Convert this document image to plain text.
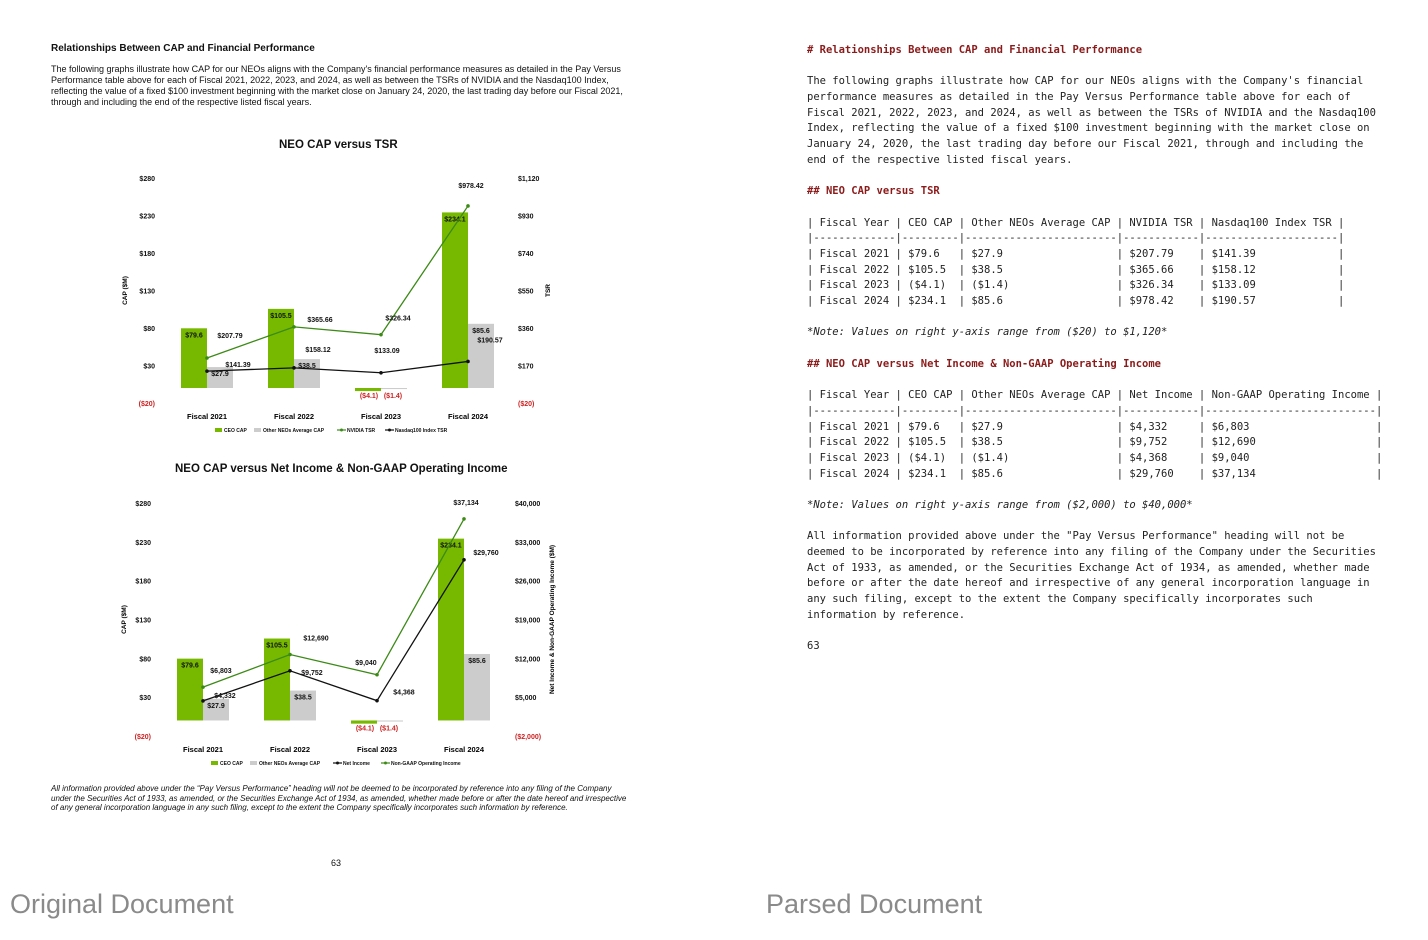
Relationships Between CAP and Financial Performance
The following graphs illustrate how CAP for our NEOs aligns with the Company's financial performance measures as detailed in the Pay Versus Performance table above for each of Fiscal 2021, 2022, 2023, and 2024, as well as between the TSRs of NVIDIA and the Nasdaq100 Index, reflecting the value of a fixed $100 investment beginning with the market close on January 24, 2020, the last trading day before our Fiscal 2021, through and including the end of the respective listed fiscal years.
NEO CAP versus TSR
$280
$230
$180
$130
$80
$30
($20)
$1,120
$930
$740
$550
$360
$170
($20)
CAP ($M)	TSR
$79.6
$105.5
($4.1)
$234.1
$27.9
$38.5
($1.4)
$85.6
$207.79
$365.66	$326.34
$978.42
$141.39
$158.12	$133.09
$190.57
Fiscal 2021	Fiscal 2022	Fiscal 2023	Fiscal 2024
CEO CAP	Other NEOs Average CAP	NVIDIA TSR	Nasdaq100 Index TSR
NEO CAP versus Net Income & Non-GAAP Operating Income
$280
$230
$180
$130
$80
$30
($20)
$40,000
$33,000
$26,000
$19,000
$12,000
$5,000
($2,000)
CAP ($M)	Net Income & Non-GAAP Operating Income ($M)
$79.6
$105.5
($4.1)
$234.1
$27.9
$38.5
($1.4)
$85.6
$4,332
$9,752
$4,368
$29,760
$6,803
$12,690
$9,040
$37,134
Fiscal 2021	Fiscal 2022	Fiscal 2023	Fiscal 2024
CEO CAP	Other NEOs Average CAP	Net Income	Non-GAAP Operating Income
All information provided above under the “Pay Versus Performance” heading will not be deemed to be incorporated by reference into any filing of the Company under the Securities Act of 1933, as amended, or the Securities Exchange Act of 1934, as amended, whether made before or after the date hereof and irrespective of any general incorporation language in any such filing, except to the extent the Company specifically incorporates such information by reference.
63
Original Document
# Relationships Between CAP and Financial Performance
The following graphs illustrate how CAP for our NEOs aligns with the Company's financial
performance measures as detailed in the Pay Versus Performance table above for each of
Fiscal 2021, 2022, 2023, and 2024, as well as between the TSRs of NVIDIA and the Nasdaq100
Index, reflecting the value of a fixed $100 investment beginning with the market close on
January 24, 2020, the last trading day before our Fiscal 2021, through and including the
end of the respective listed fiscal years.
## NEO CAP versus TSR
| Fiscal Year | CEO CAP | Other NEOs Average CAP | NVIDIA TSR | Nasdaq100 Index TSR |
|-------------|---------|------------------------|------------|---------------------|
| Fiscal 2021 | $79.6   | $27.9                  | $207.79    | $141.39             |
| Fiscal 2022 | $105.5  | $38.5                  | $365.66    | $158.12             |
| Fiscal 2023 | ($4.1)  | ($1.4)                 | $326.34    | $133.09             |
| Fiscal 2024 | $234.1  | $85.6                  | $978.42    | $190.57             |
*Note: Values on right y-axis range from ($20) to $1,120*
## NEO CAP versus Net Income & Non-GAAP Operating Income
| Fiscal Year | CEO CAP | Other NEOs Average CAP | Net Income | Non-GAAP Operating Income |
|-------------|---------|------------------------|------------|---------------------------|
| Fiscal 2021 | $79.6   | $27.9                  | $4,332     | $6,803                    |
| Fiscal 2022 | $105.5  | $38.5                  | $9,752     | $12,690                   |
| Fiscal 2023 | ($4.1)  | ($1.4)                 | $4,368     | $9,040                    |
| Fiscal 2024 | $234.1  | $85.6                  | $29,760    | $37,134                   |
*Note: Values on right y-axis range from ($2,000) to $40,000*
All information provided above under the "Pay Versus Performance" heading will not be
deemed to be incorporated by reference into any filing of the Company under the Securities
Act of 1933, as amended, or the Securities Exchange Act of 1934, as amended, whether made
before or after the date hereof and irrespective of any general incorporation language in
any such filing, except to the extent the Company specifically incorporates such
information by reference.
63
Parsed Document
